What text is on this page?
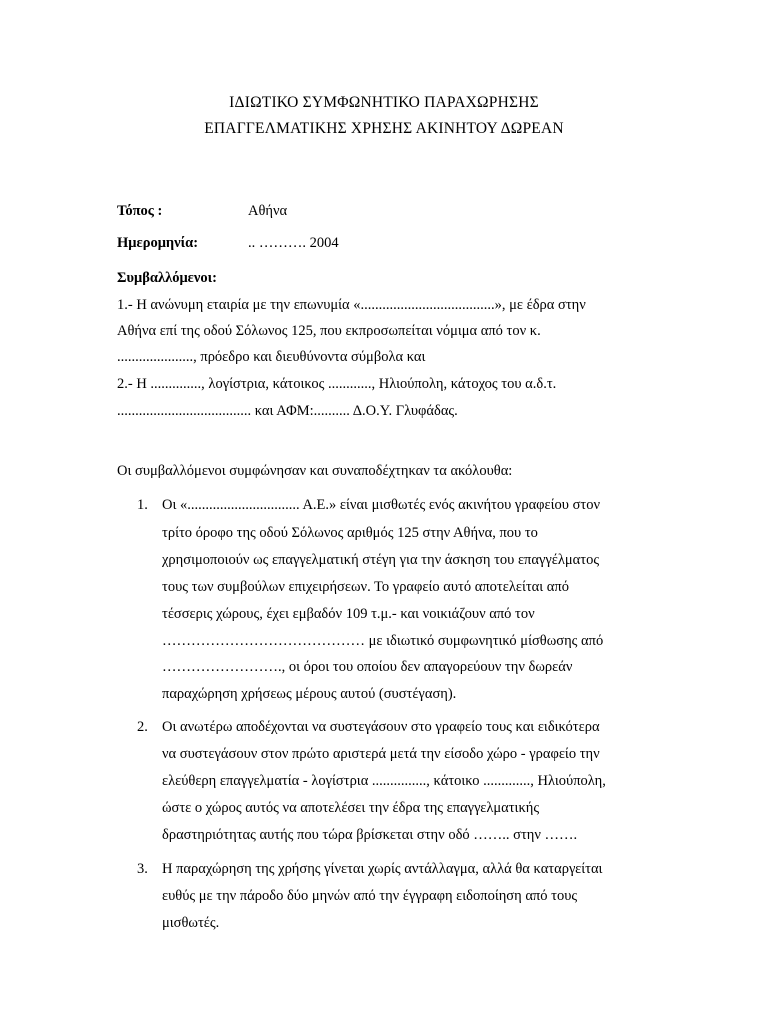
ΙΔΙΩΤΙΚΟ ΣΥΜΦΩΝΗΤΙΚΟ ΠΑΡΑΧΩΡΗΣΗΣ
ΕΠΑΓΓΕΛΜΑΤΙΚΗΣ ΧΡΗΣΗΣ ΑΚΙΝΗΤΟΥ ΔΩΡΕΑΝ
Τόπος :	Αθήνα
Ημερομηνία:	.. ………. 2004
Συμβαλλόμενοι:
1.- Η ανώνυμη εταιρία με την επωνυμία «.....................................», με έδρα στην
Αθήνα επί της οδού Σόλωνος 125, που εκπροσωπείται νόμιμα από τον κ.
....................., πρόεδρο και διευθύνοντα σύμβολα και
2.- Η .............., λογίστρια, κάτοικος ............, Ηλιούπολη, κάτοχος του α.δ.τ.
..................................... και ΑΦΜ:.......... Δ.Ο.Υ. Γλυφάδας.
Οι συμβαλλόμενοι συμφώνησαν και συναποδέχτηκαν τα ακόλουθα:
1. Οι «............................... Α.Ε.» είναι μισθωτές ενός ακινήτου γραφείου στον
τρίτο όροφο της οδού Σόλωνος αριθμός 125 στην Αθήνα, που το
χρησιμοποιούν ως επαγγελματική στέγη για την άσκηση του επαγγέλματος
τους των συμβούλων επιχειρήσεων. Το γραφείο αυτό αποτελείται από
τέσσερις χώρους, έχει εμβαδόν 109 τ.μ.- και νοικιάζουν από τον
…………………………………… με ιδιωτικό συμφωνητικό μίσθωσης από
……………………., οι όροι του οποίου δεν απαγορεύουν την δωρεάν
παραχώρηση χρήσεως μέρους αυτού (συστέγαση).
2. Οι ανωτέρω αποδέχονται να συστεγάσουν στο γραφείο τους και ειδικότερα
να συστεγάσουν στον πρώτο αριστερά μετά την είσοδο χώρο - γραφείο την
ελεύθερη επαγγελματία - λογίστρια ..............., κάτοικο ............., Ηλιούπολη,
ώστε ο χώρος αυτός να αποτελέσει την έδρα της επαγγελματικής
δραστηριότητας αυτής που τώρα βρίσκεται στην οδό …….. στην …….
3. Η παραχώρηση της χρήσης γίνεται χωρίς αντάλλαγμα, αλλά θα καταργείται
ευθύς με την πάροδο δύο μηνών από την έγγραφη ειδοποίηση από τους
μισθωτές.
